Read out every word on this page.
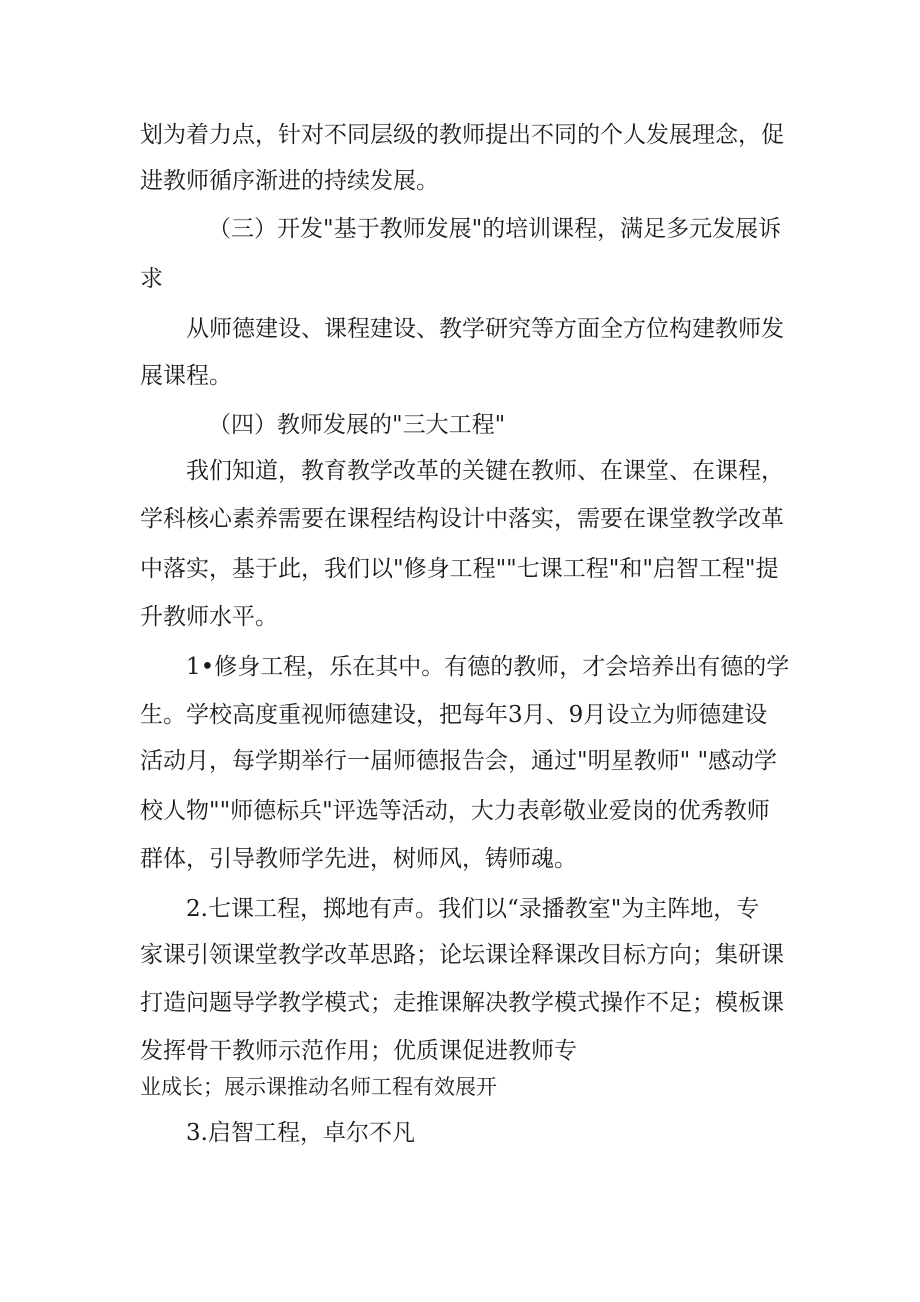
划为着力点，针对不同层级的教师提出不同的个人发展理念，促
进教师循序渐进的持续发展。
（三）开发"基于教师发展"的培训课程，满足多元发展诉
求
从师德建设、课程建设、教学研究等方面全方位构建教师发
展课程。
（四）教师发展的"三大工程"
我们知道，教育教学改革的关键在教师、在课堂、在课程，
学科核心素养需要在课程结构设计中落实，需要在课堂教学改革
中落实，基于此，我们以"修身工程""七课工程"和"启智工程"提
升教师水平。
1•修身工程，乐在其中。有德的教师，才会培养出有德的学
生。学校高度重视师德建设，把每年3月、9月设立为师德建设
活动月，每学期举行一届师德报告会，通过"明星教师" "感动学
校人物""师德标兵"评选等活动，大力表彰敬业爱岗的优秀教师
群体，引导教师学先进，树师风，铸师魂。
2.七课工程，掷地有声。我们以“录播教室"为主阵地，专
家课引领课堂教学改革思路；论坛课诠释课改目标方向；集研课
打造问题导学教学模式；走推课解决教学模式操作不足；模板课
发挥骨干教师示范作用；优质课促进教师专
业成长；展示课推动名师工程有效展开
3.启智工程，卓尔不凡
